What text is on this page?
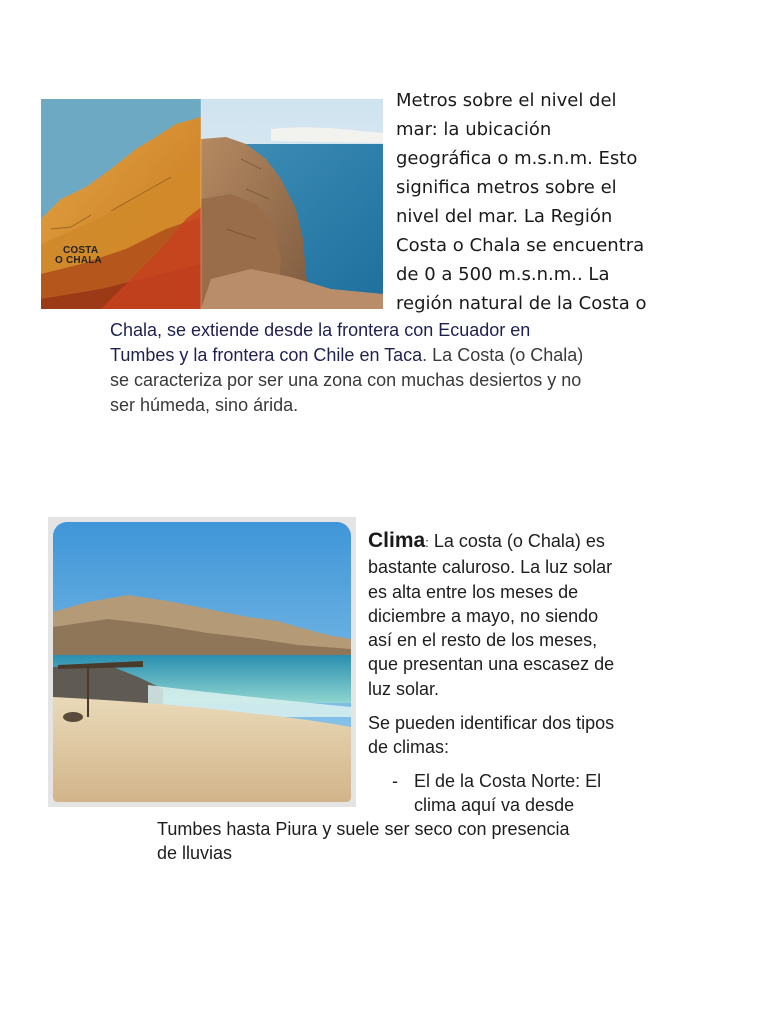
COSTA
O CHALA
Metros sobre el nivel del
mar: la ubicación
geográfica o m.s.n.m. Esto
significa metros sobre el
nivel del mar. La Región
Costa o Chala se encuentra
de 0 a 500 m.s.n.m.. La
región natural de la Costa o
Chala, se extiende desde la frontera con Ecuador en
Tumbes y la frontera con Chile en Taca. La Costa (o Chala)
se caracteriza por ser una zona con muchas desiertos y no
ser húmeda, sino árida.
Clima: La costa (o Chala) es
bastante caluroso. La luz solar
es alta entre los meses de
diciembre a mayo, no siendo
así en el resto de los meses,
que presentan una escasez de
luz solar.
Se pueden identificar dos tipos
de climas:
- El de la Costa Norte: El
clima aquí va desde
Tumbes hasta Piura y suele ser seco con presencia
de lluvias
